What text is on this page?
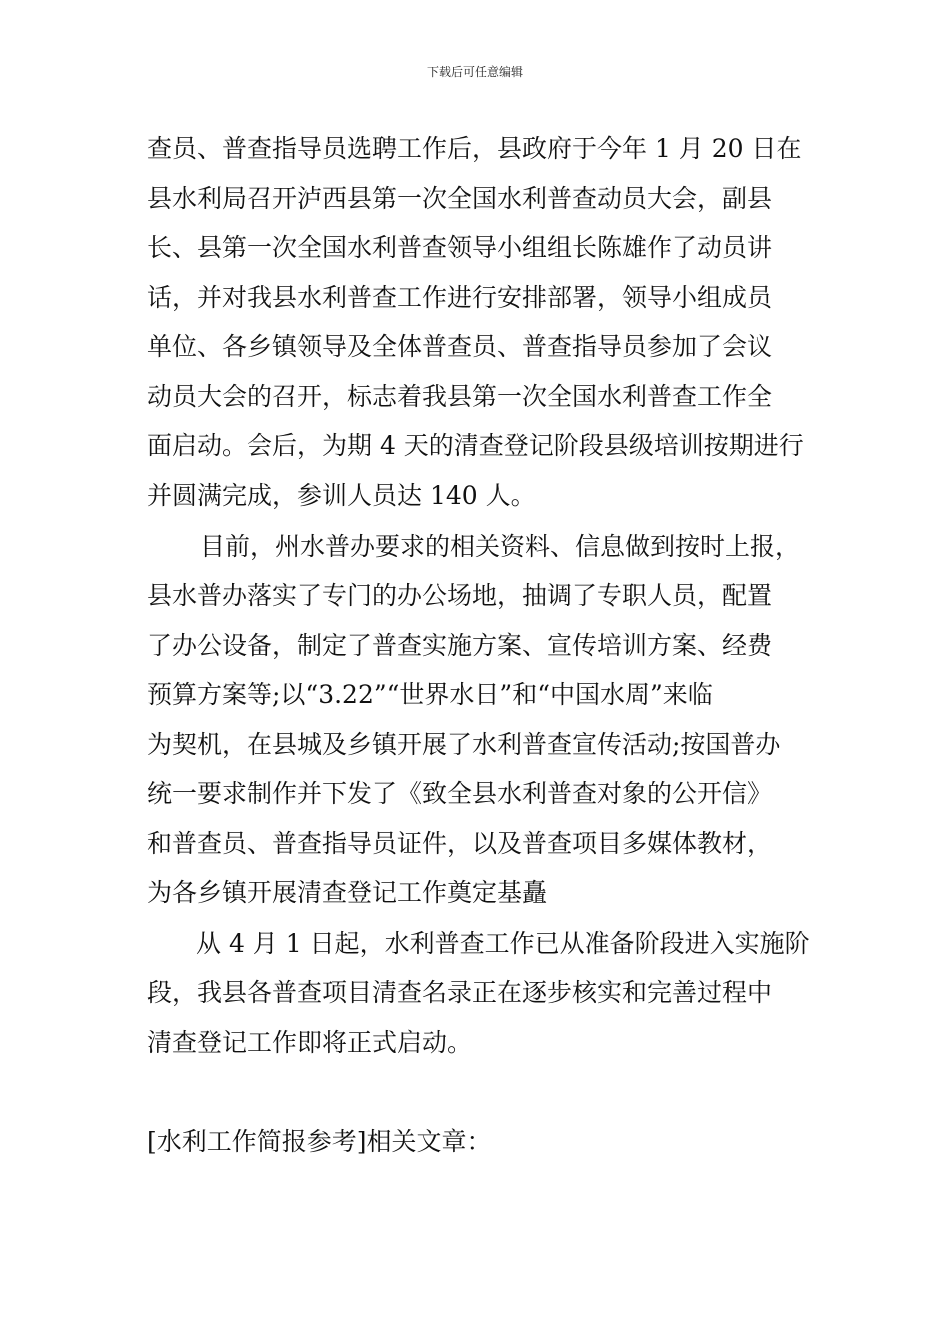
下载后可任意编辑
查员、普查指导员选聘工作后，县政府于今年 1 月 20 日在
县水利局召开泸西县第一次全国水利普查动员大会，副县
长、县第一次全国水利普查领导小组组长陈雄作了动员讲
话，并对我县水利普查工作进行安排部署，领导小组成员
单位、各乡镇领导及全体普查员、普查指导员参加了会议
动员大会的召开，标志着我县第一次全国水利普查工作全
面启动。会后，为期 4 天的清查登记阶段县级培训按期进行
并圆满完成，参训人员达 140 人。
目前，州水普办要求的相关资料、信息做到按时上报，
县水普办落实了专门的办公场地，抽调了专职人员，配置
了办公设备，制定了普查实施方案、宣传培训方案、经费
预算方案等;以“3.22”“世界水日”和“中国水周”来临
为契机，在县城及乡镇开展了水利普查宣传活动;按国普办
统一要求制作并下发了《致全县水利普查对象的公开信》
和普查员、普查指导员证件，以及普查项目多媒体教材，
为各乡镇开展清查登记工作奠定基矗
从 4 月 1 日起，水利普查工作已从准备阶段进入实施阶
段，我县各普查项目清查名录正在逐步核实和完善过程中
清查登记工作即将正式启动。
[水利工作简报参考]相关文章：
